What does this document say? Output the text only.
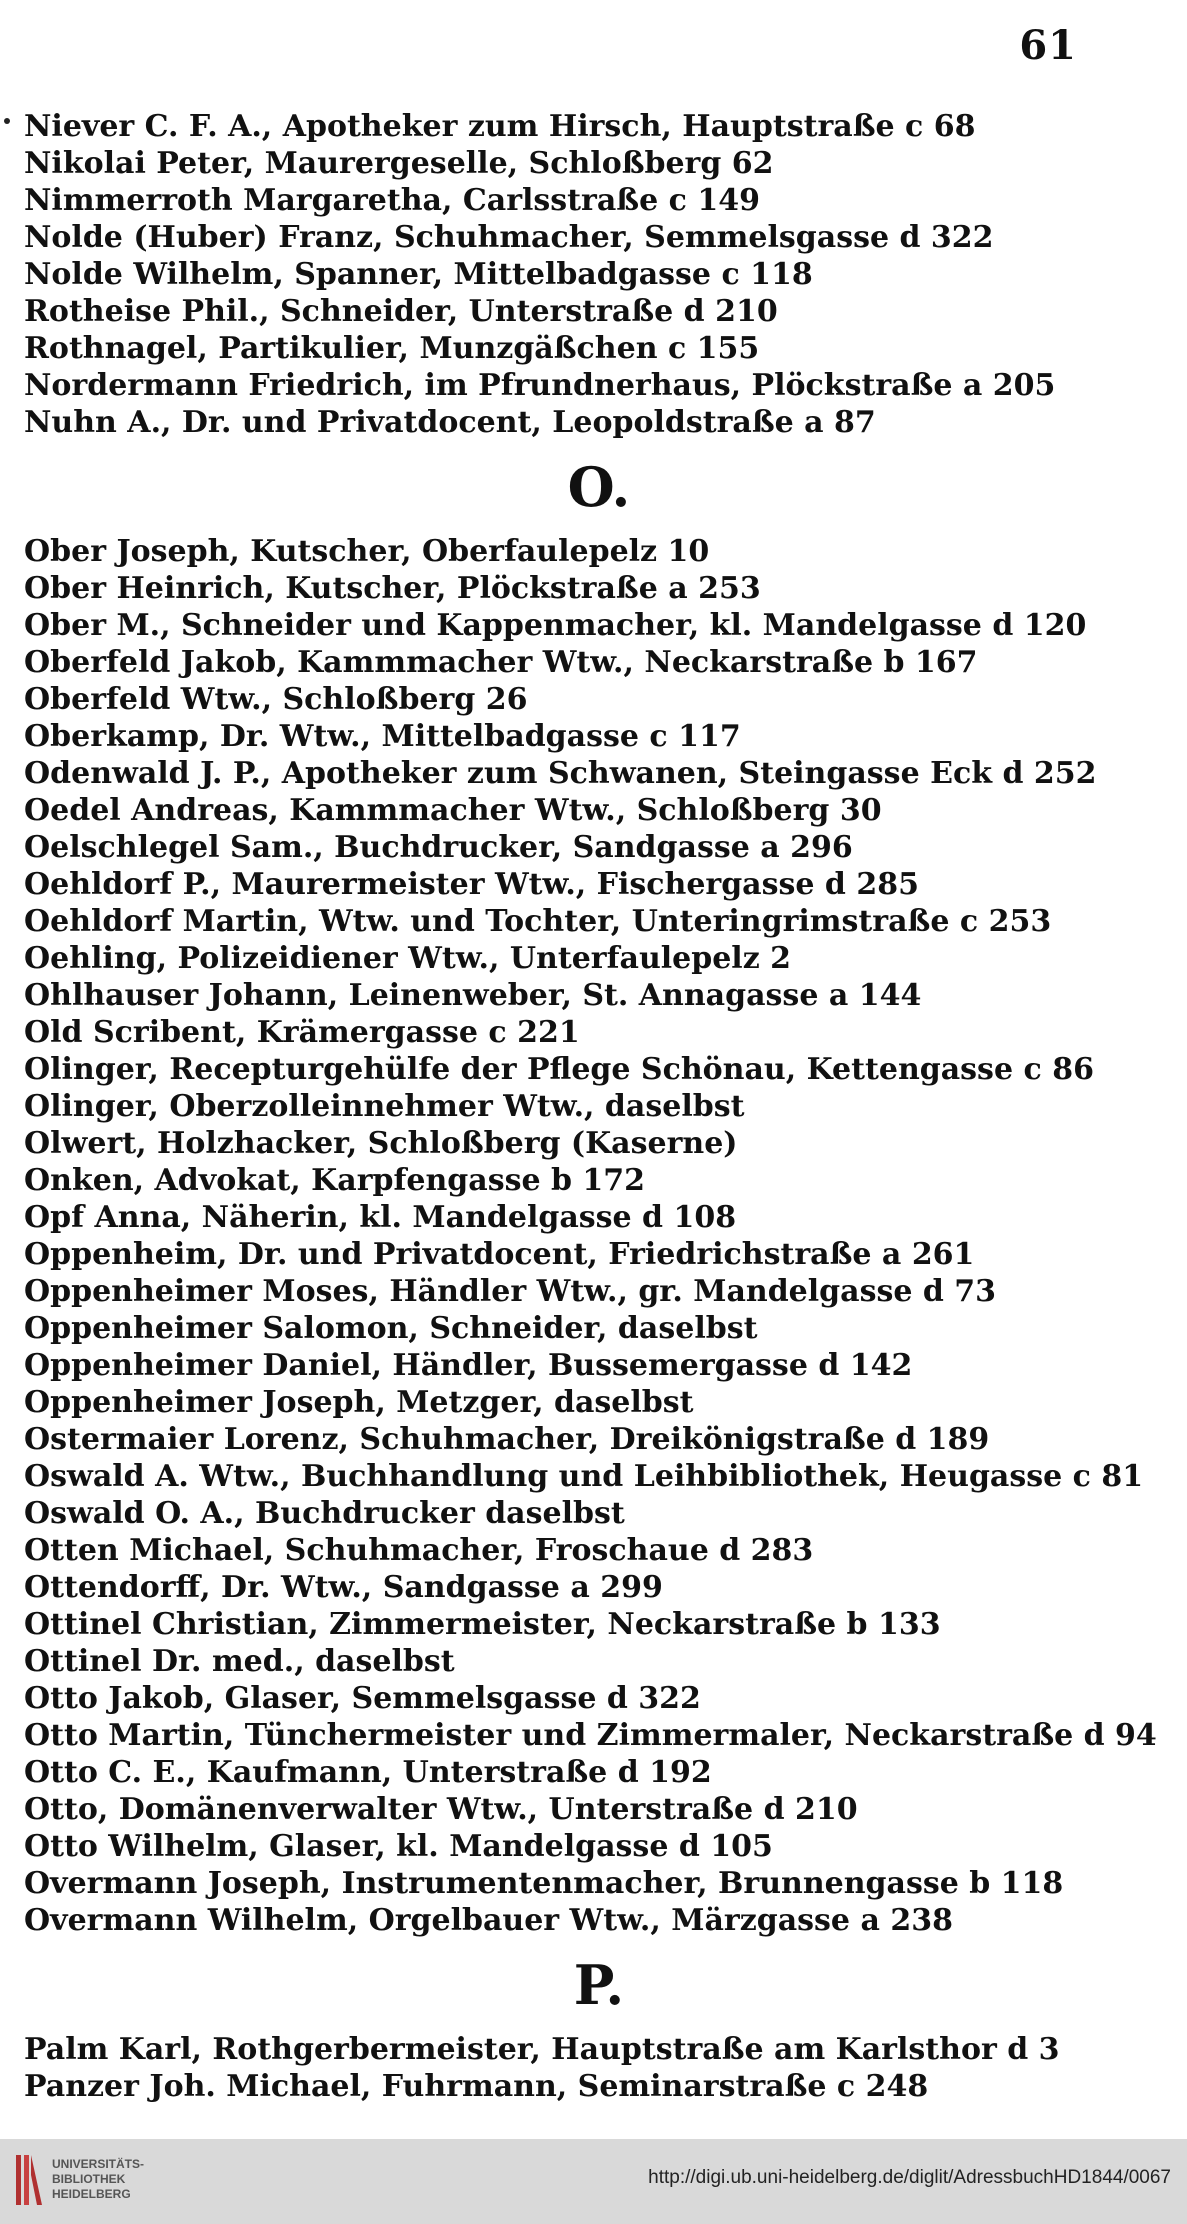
61
Niever C. F. A., Apotheker zum Hirsch, Hauptstraße c 68
Nikolai Peter, Maurergeselle, Schloßberg 62
Nimmerroth Margaretha, Carlsstraße c 149
Nolde (Huber) Franz, Schuhmacher, Semmelsgasse d 322
Nolde Wilhelm, Spanner, Mittelbadgasse c 118
Rotheise Phil., Schneider, Unterstraße d 210
Rothnagel, Partikulier, Munzgäßchen c 155
Nordermann Friedrich, im Pfrundnerhaus, Plöckstraße a 205
Nuhn A., Dr. und Privatdocent, Leopoldstraße a 87
O.
Ober Joseph, Kutscher, Oberfaulepelz 10
Ober Heinrich, Kutscher, Plöckstraße a 253
Ober M., Schneider und Kappenmacher, kl. Mandelgasse d 120
Oberfeld Jakob, Kammmacher Wtw., Neckarstraße b 167
Oberfeld Wtw., Schloßberg 26
Oberkamp, Dr. Wtw., Mittelbadgasse c 117
Odenwald J. P., Apotheker zum Schwanen, Steingasse Eck d 252
Oedel Andreas, Kammmacher Wtw., Schloßberg 30
Oelschlegel Sam., Buchdrucker, Sandgasse a 296
Oehldorf P., Maurermeister Wtw., Fischergasse d 285
Oehldorf Martin, Wtw. und Tochter, Unteringrimstraße c 253
Oehling, Polizeidiener Wtw., Unterfaulepelz 2
Ohlhauser Johann, Leinenweber, St. Annagasse a 144
Old Scribent, Krämergasse c 221
Olinger, Recepturgehülfe der Pflege Schönau, Kettengasse c 86
Olinger, Oberzolleinnehmer Wtw., daselbst
Olwert, Holzhacker, Schloßberg (Kaserne)
Onken, Advokat, Karpfengasse b 172
Opf Anna, Näherin, kl. Mandelgasse d 108
Oppenheim, Dr. und Privatdocent, Friedrichstraße a 261
Oppenheimer Moses, Händler Wtw., gr. Mandelgasse d 73
Oppenheimer Salomon, Schneider, daselbst
Oppenheimer Daniel, Händler, Bussemergasse d 142
Oppenheimer Joseph, Metzger, daselbst
Ostermaier Lorenz, Schuhmacher, Dreikönigstraße d 189
Oswald A. Wtw., Buchhandlung und Leihbibliothek, Heugasse c 81
Oswald O. A., Buchdrucker daselbst
Otten Michael, Schuhmacher, Froschaue d 283
Ottendorff, Dr. Wtw., Sandgasse a 299
Ottinel Christian, Zimmermeister, Neckarstraße b 133
Ottinel Dr. med., daselbst
Otto Jakob, Glaser, Semmelsgasse d 322
Otto Martin, Tünchermeister und Zimmermaler, Neckarstraße d 94
Otto C. E., Kaufmann, Unterstraße d 192
Otto, Domänenverwalter Wtw., Unterstraße d 210
Otto Wilhelm, Glaser, kl. Mandelgasse d 105
Overmann Joseph, Instrumentenmacher, Brunnengasse b 118
Overmann Wilhelm, Orgelbauer Wtw., Märzgasse a 238
P.
Palm Karl, Rothgerbermeister, Hauptstraße am Karlsthor d 3
Panzer Joh. Michael, Fuhrmann, Seminarstraße c 248
UNIVERSITÄTS-
BIBLIOTHEK
HEIDELBERG
http://digi.ub.uni-heidelberg.de/diglit/AdressbuchHD1844/0067
